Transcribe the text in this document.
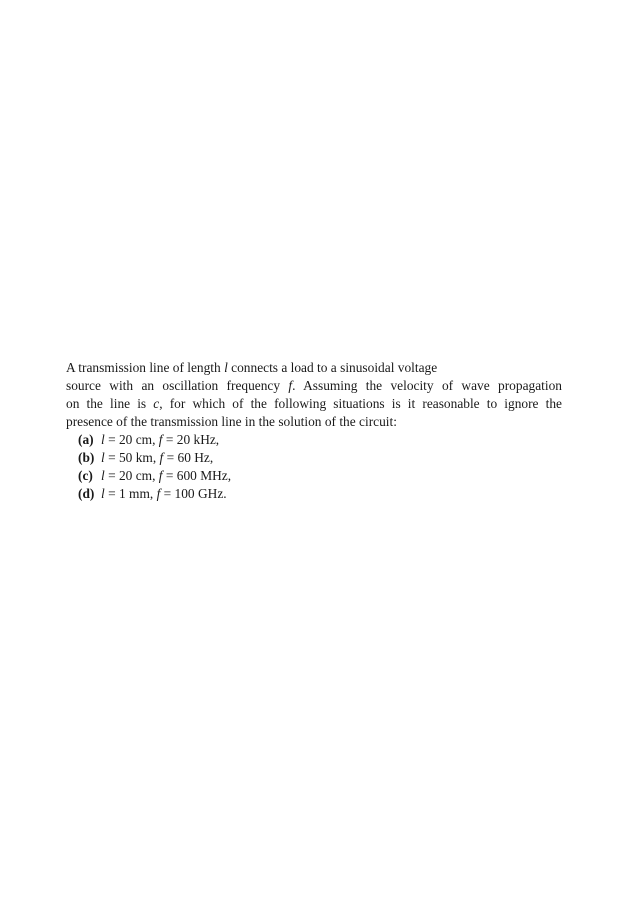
A transmission line of length l connects a load to a sinusoidal voltage
source with an oscillation frequency f. Assuming the velocity of wave propagation
on the line is c, for which of the following situations is it reasonable to ignore the
presence of the transmission line in the solution of the circuit:
(a) l = 20 cm, f = 20 kHz,
(b) l = 50 km, f = 60 Hz,
(c) l = 20 cm, f = 600 MHz,
(d) l = 1 mm, f = 100 GHz.
